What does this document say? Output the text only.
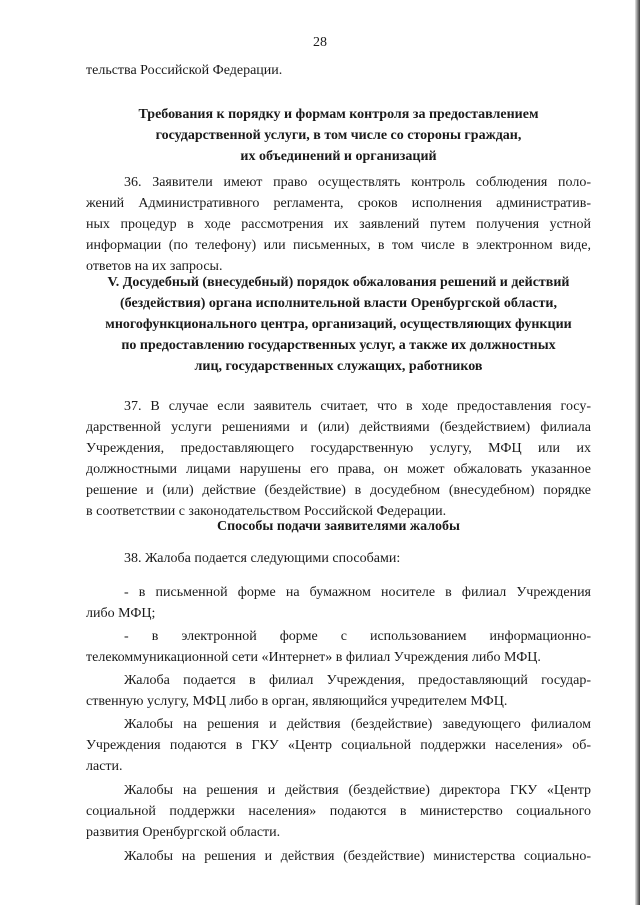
28
тельства Российской Федерации.
Требования к порядку и формам контроля за предоставлением
государственной услуги, в том числе со стороны граждан,
их объединений и организаций
36. Заявители имеют право осуществлять контроль соблюдения поло-
жений Административного регламента, сроков исполнения административ-
ных процедур в ходе рассмотрения их заявлений путем получения устной
информации (по телефону) или письменных, в том числе в электронном виде,
ответов на их запросы.
V. Досудебный (внесудебный) порядок обжалования решений и действий
(бездействия) органа исполнительной власти Оренбургской области,
многофункционального центра, организаций, осуществляющих функции
по предоставлению государственных услуг, а также их должностных
лиц, государственных служащих, работников
37. В случае если заявитель считает, что в ходе предоставления госу-
дарственной услуги решениями и (или) действиями (бездействием) филиала
Учреждения, предоставляющего государственную услугу, МФЦ или их
должностными лицами нарушены его права, он может обжаловать указанное
решение и (или) действие (бездействие) в досудебном (внесудебном) порядке
в соответствии с законодательством Российской Федерации.
Способы подачи заявителями жалобы
38. Жалоба подается следующими способами:
- в письменной форме на бумажном носителе в филиал Учреждения
либо МФЦ;
- в электронной форме с использованием информационно-
телекоммуникационной сети «Интернет» в филиал Учреждения либо МФЦ.
Жалоба подается в филиал Учреждения, предоставляющий государ-
ственную услугу, МФЦ либо в орган, являющийся учредителем МФЦ.
Жалобы на решения и действия (бездействие) заведующего филиалом
Учреждения подаются в ГКУ «Центр социальной поддержки населения» об-
ласти.
Жалобы на решения и действия (бездействие) директора ГКУ «Центр
социальной поддержки населения» подаются в министерство социального
развития Оренбургской области.
Жалобы на решения и действия (бездействие) министерства социально-
